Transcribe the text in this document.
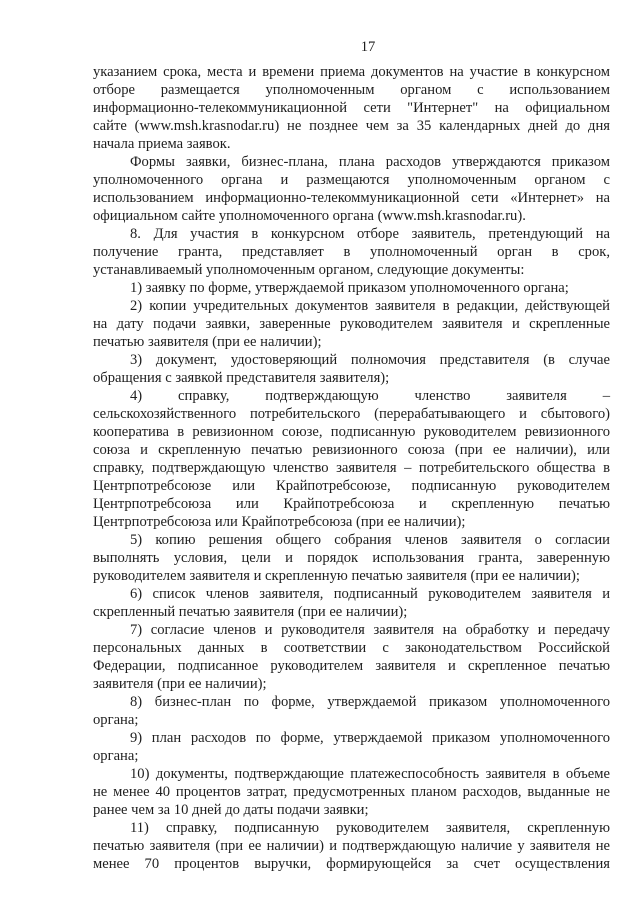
17
указанием срока, места и времени приема документов на участие в конкурсном
отборе размещается уполномоченным органом с использованием
информационно-телекоммуникационной сети "Интернет" на официальном
сайте (www.msh.krasnodar.ru) не позднее чем за 35 календарных дней до дня
начала приема заявок.
Формы заявки, бизнес-плана, плана расходов утверждаются приказом
уполномоченного органа и размещаются уполномоченным органом с
использованием информационно-телекоммуникационной сети «Интернет» на
официальном сайте уполномоченного органа (www.msh.krasnodar.ru).
8. Для участия в конкурсном отборе заявитель, претендующий на
получение гранта, представляет в уполномоченный орган в срок,
устанавливаемый уполномоченным органом, следующие документы:
1) заявку по форме, утверждаемой приказом уполномоченного органа;
2) копии учредительных документов заявителя в редакции, действующей
на дату подачи заявки, заверенные руководителем заявителя и скрепленные
печатью заявителя (при ее наличии);
3) документ, удостоверяющий полномочия представителя (в случае
обращения с заявкой представителя заявителя);
4) справку, подтверждающую членство заявителя –
сельскохозяйственного потребительского (перерабатывающего и сбытового)
кооператива в ревизионном союзе, подписанную руководителем ревизионного
союза и скрепленную печатью ревизионного союза (при ее наличии), или
справку, подтверждающую членство заявителя – потребительского общества в
Центрпотребсоюзе или Крайпотребсоюзе, подписанную руководителем
Центрпотребсоюза или Крайпотребсоюза и скрепленную печатью
Центрпотребсоюза или Крайпотребсоюза (при ее наличии);
5) копию решения общего собрания членов заявителя о согласии
выполнять условия, цели и порядок использования гранта, заверенную
руководителем заявителя и скрепленную печатью заявителя (при ее наличии);
6) список членов заявителя, подписанный руководителем заявителя и
скрепленный печатью заявителя (при ее наличии);
7) согласие членов и руководителя заявителя на обработку и передачу
персональных данных в соответствии с законодательством Российской
Федерации, подписанное руководителем заявителя и скрепленное печатью
заявителя (при ее наличии);
8) бизнес-план по форме, утверждаемой приказом уполномоченного
органа;
9) план расходов по форме, утверждаемой приказом уполномоченного
органа;
10) документы, подтверждающие платежеспособность заявителя в объеме
не менее 40 процентов затрат, предусмотренных планом расходов, выданные не
ранее чем за 10 дней до даты подачи заявки;
11) справку, подписанную руководителем заявителя, скрепленную
печатью заявителя (при ее наличии) и подтверждающую наличие у заявителя не
менее 70 процентов выручки, формирующейся за счет осуществления
